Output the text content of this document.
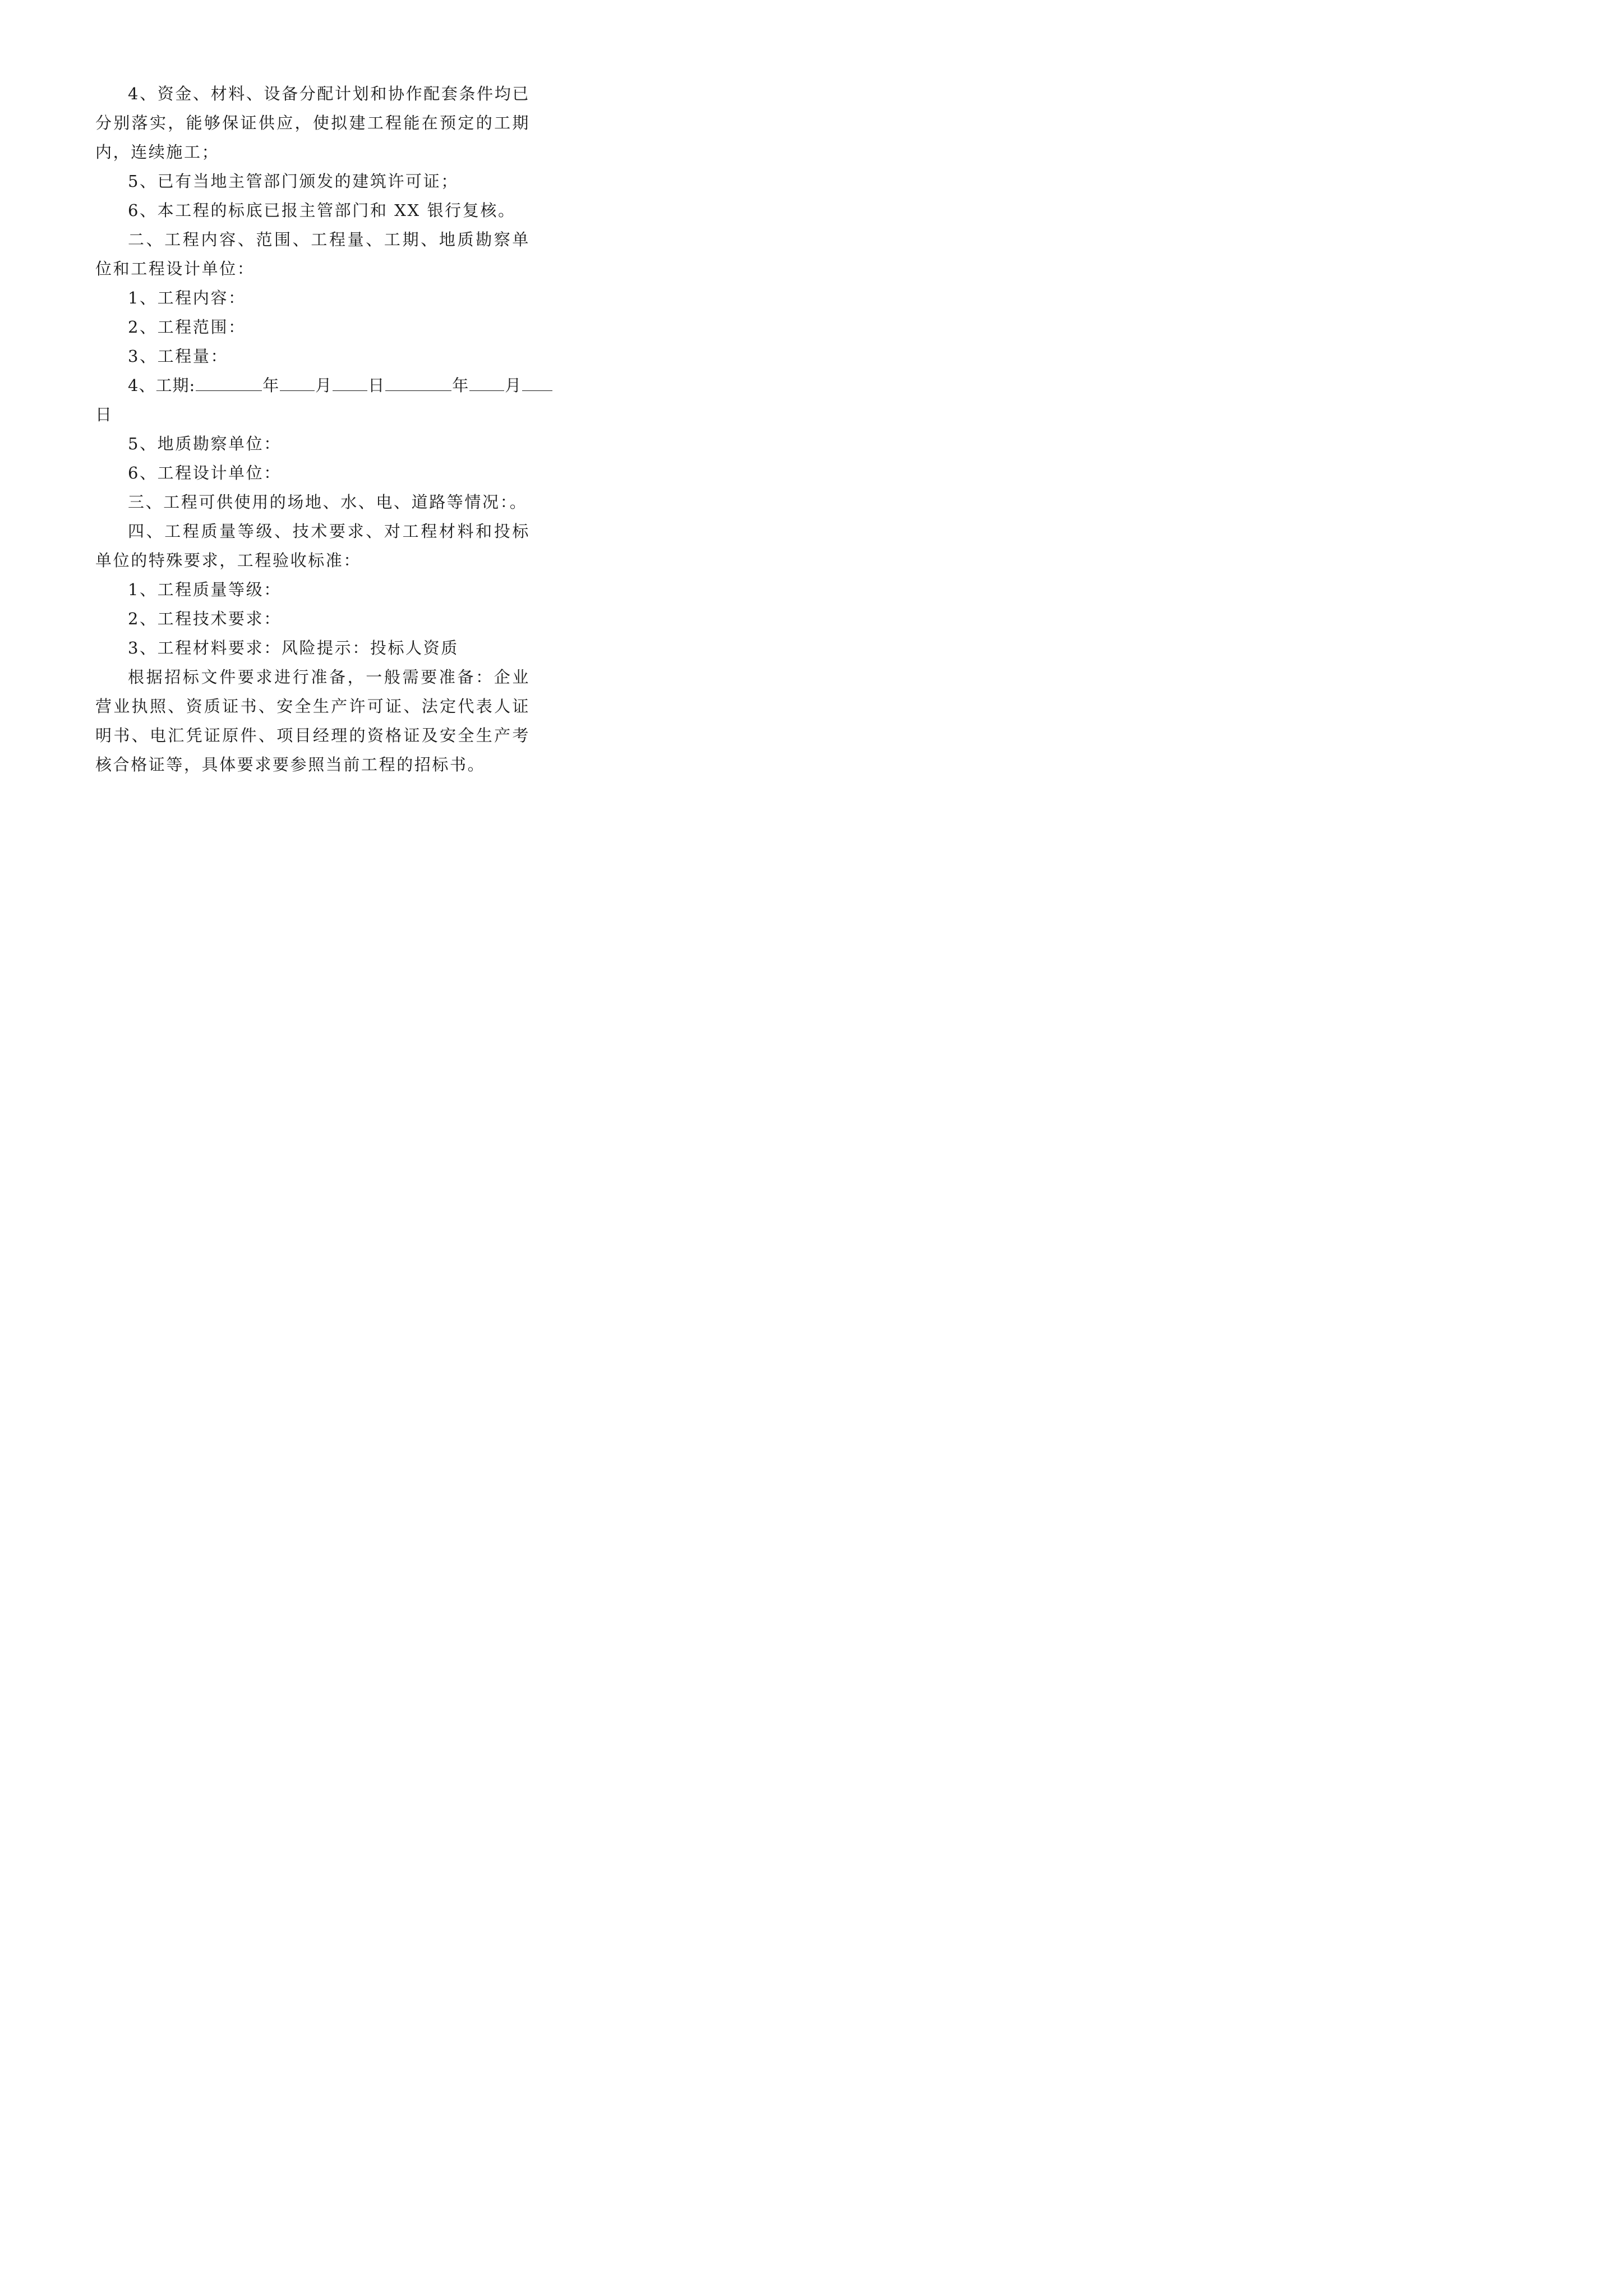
4、资金、材料、设备分配计划和协作配套条件均已分别落实，能够保证供应，使拟建工程能在预定的工期内，连续施工；

5、已有当地主管部门颁发的建筑许可证；

6、本工程的标底已报主管部门和 XX 银行复核。

二、工程内容、范围、工程量、工期、地质勘察单位和工程设计单位：

1、工程内容：

2、工程范围：

3、工程量：

4、工期:	年 月 日	年 月

日

5、地质勘察单位：

6、工程设计单位：

三、工程可供使用的场地、水、电、道路等情况：。

四、工程质量等级、技术要求、对工程材料和投标单位的特殊要求，工程验收标准：

1、工程质量等级：

2、工程技术要求：

3、工程材料要求：风险提示：投标人资质

根据招标文件要求进行准备，一般需要准备：企业营业执照、资质证书、安全生产许可证、法定代表人证明书、电汇凭证原件、项目经理的资格证及安全生产考核合格证等，具体要求要参照当前工程的招标书。
